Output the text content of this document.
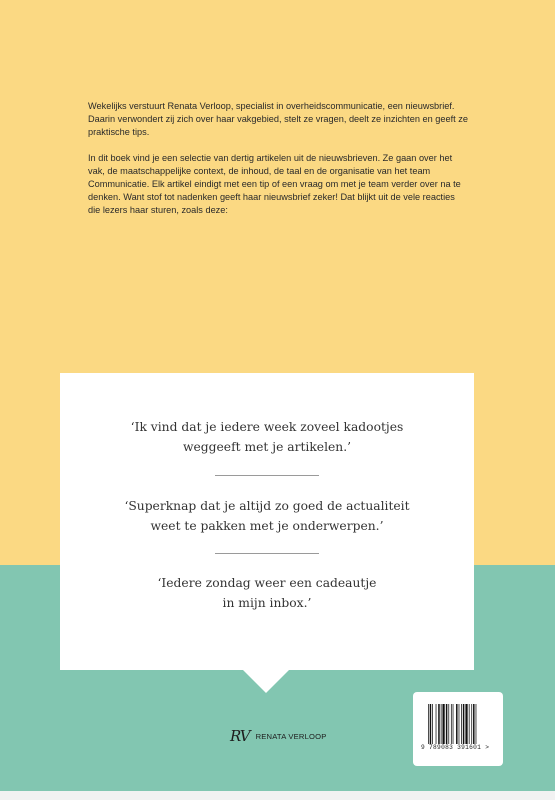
Wekelijks verstuurt Renata Verloop, specialist in overheidscommunicatie, een nieuwsbrief. Daarin verwondert zij zich over haar vakgebied, stelt ze vragen, deelt ze inzichten en geeft ze praktische tips.

In dit boek vind je een selectie van dertig artikelen uit de nieuwsbrieven. Ze gaan over het vak, de maatschappelijke context, de inhoud, de taal en de organisatie van het team Communicatie. Elk artikel eindigt met een tip of een vraag om met je team verder over na te denken. Want stof tot nadenken geeft haar nieuwsbrief zeker! Dat blijkt uit de vele reacties die lezers haar sturen, zoals deze:

‘Ik vind dat je iedere week zoveel kadootjes
weggeeft met je artikelen.’

‘Superknap dat je altijd zo goed de actualiteit
weet te pakken met je onderwerpen.’

‘Iedere zondag weer een cadeautje
in mijn inbox.’

RV RENATA VERLOOP
9 789083 391601 >
